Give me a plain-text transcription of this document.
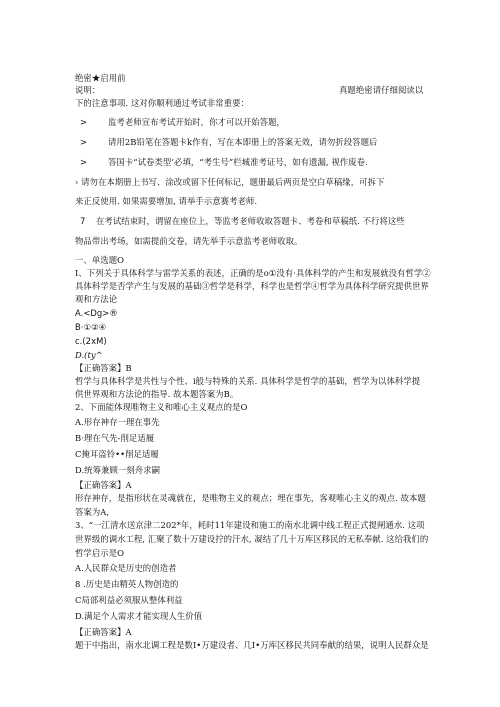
绝密★启用前
说明：	真题绝密请仔细阅读以
下的注意事项. 这对你顺利通过考试非常重要：
> 监考老师宣布考试开始时，你才可以开始答题，
> 请用2B铅笔在答题卡k作有，写在本即册上的答案无效，请勿折段答题后
> 答国卡“试卷类型’必填，“考生号”栏城准考证号，如有遗漏, 视作废卷.
› 请勿在本期册上书写、涂改或留下任何标记，题册最后两页是空白草稿缘，可拆下
来正反使用. 如果需要增加, 请举手示意赛考老师.
7 在考试结束时，谓留在座位上，等监考老师收取答题卡、考卷和草稿纸. 不行将这些
物品带出考场，如需提前交卷，请先举手示意监考老师收取。
一、单选题O
I、下列关于具体科学与雷学关系的表述，正确的是o①没有·具体科学的产生和发展就没有哲学②
具体科学是否学产生与发展的基础③哲学是科学，科学也是哲学④哲学为具体科学研究提供世界
观和方法论
A.<Dg>®
B·①②④
c.(2xM)
D.(ty^
【正确答案】B
哲学与具体科学是共性与个性、i般与特殊的关系. 具体科学是哲学的基础，哲学为以体科学提
供世界观和方法论的指导. 故本题答案为B。
2、下面能体现唯物主义和唯心主义观点的是O
A.形存神存一理在事先
B·理在气先-削足适履
C掩耳盗铃••削足适履
D.统筹兼顾一刻舟求嗣
【正确答案】A
形存神存，是指形状在灵魂就在，是唯物主义的观点；埋在事先，客观唯心主义的观点. 故本题
答案为A,
3、“一江清水送京津二202*年，耗时11年建设和施工的南水北调中线工程正式提闸通水. 这项
世界级的调水工程, 汇聚了数十万建设拧的汗水, 凝结了几十万库区移民的无私奉献. 这给我们的
哲学启示是O
A.人民群众是历史的创造者
8 .历史是由精英人物创造的
C局部利益必须服从整体利益
D.满足个人需求才能实现人生价值
【正确答案】A
题干中指出，南水北调工程是数I•万建设者、几I•万库区移民共同奉献的结果，说明人民群众是
